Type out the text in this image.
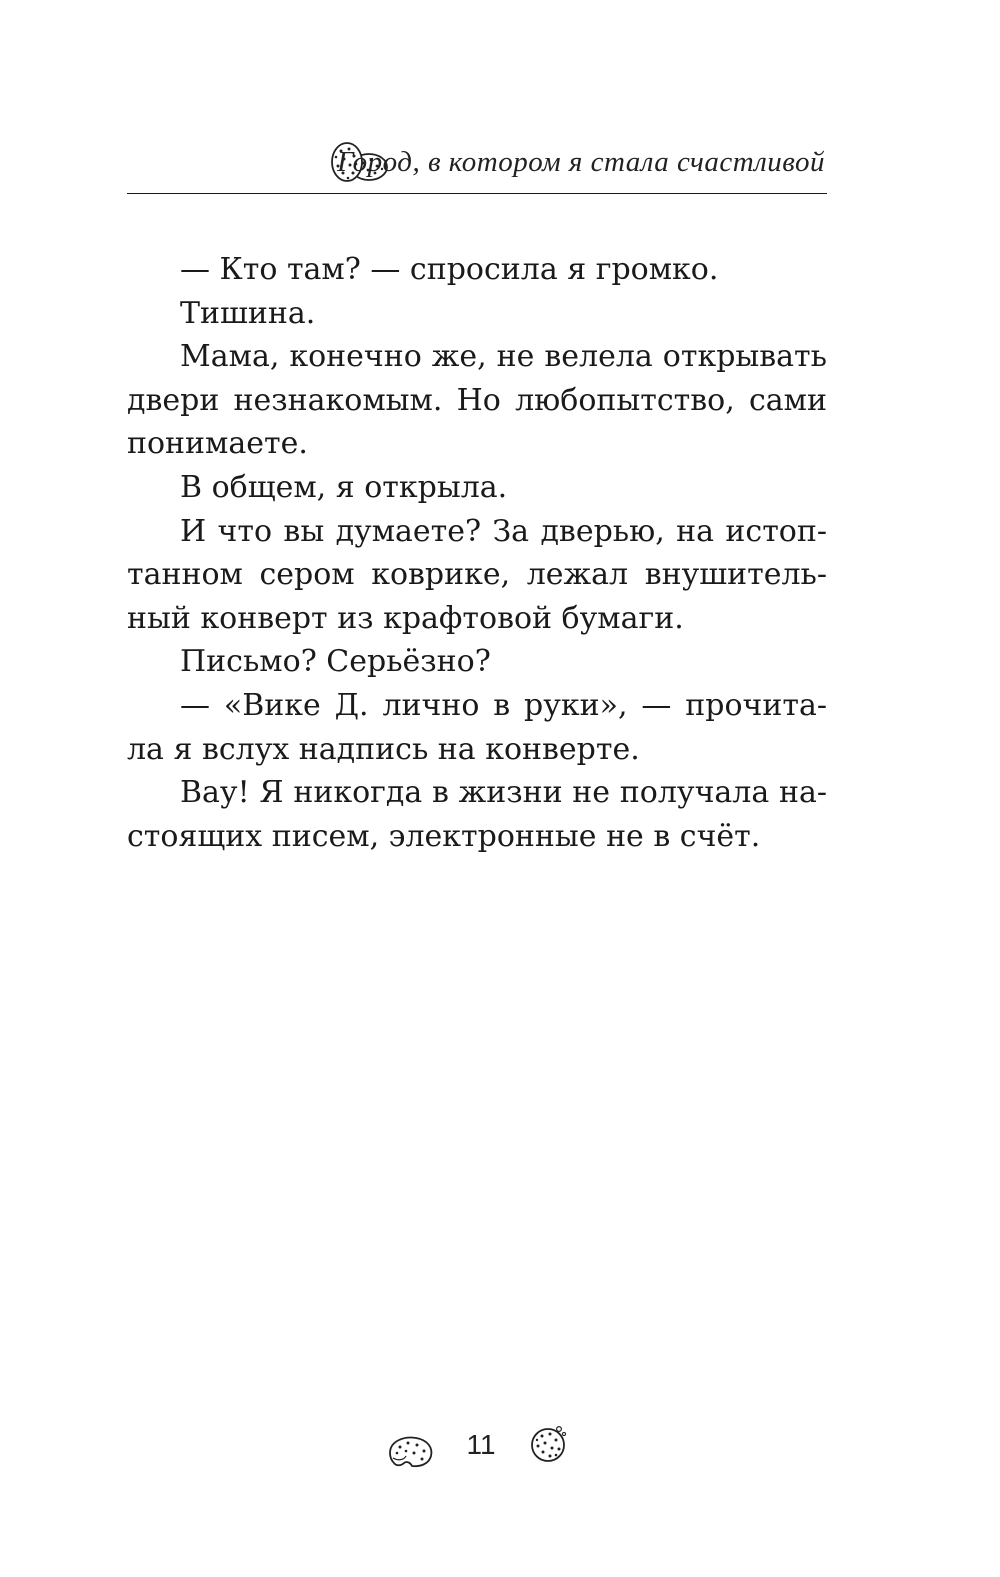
Город, в котором я стала счастливой
— Кто там? — спросила я громко.
Тишина.
Мама, конечно же, не велела открывать
двери незнакомым. Но любопытство, сами
понимаете.
В общем, я открыла.
И что вы думаете? За дверью, на истоп-
танном сером коврике, лежал внушитель-
ный конверт из крафтовой бумаги.
Письмо? Серьёзно?
— «Вике Д. лично в руки», — прочита-
ла я вслух надпись на конверте.
Вау! Я никогда в жизни не получала на-
стоящих писем, электронные не в счёт.
11
